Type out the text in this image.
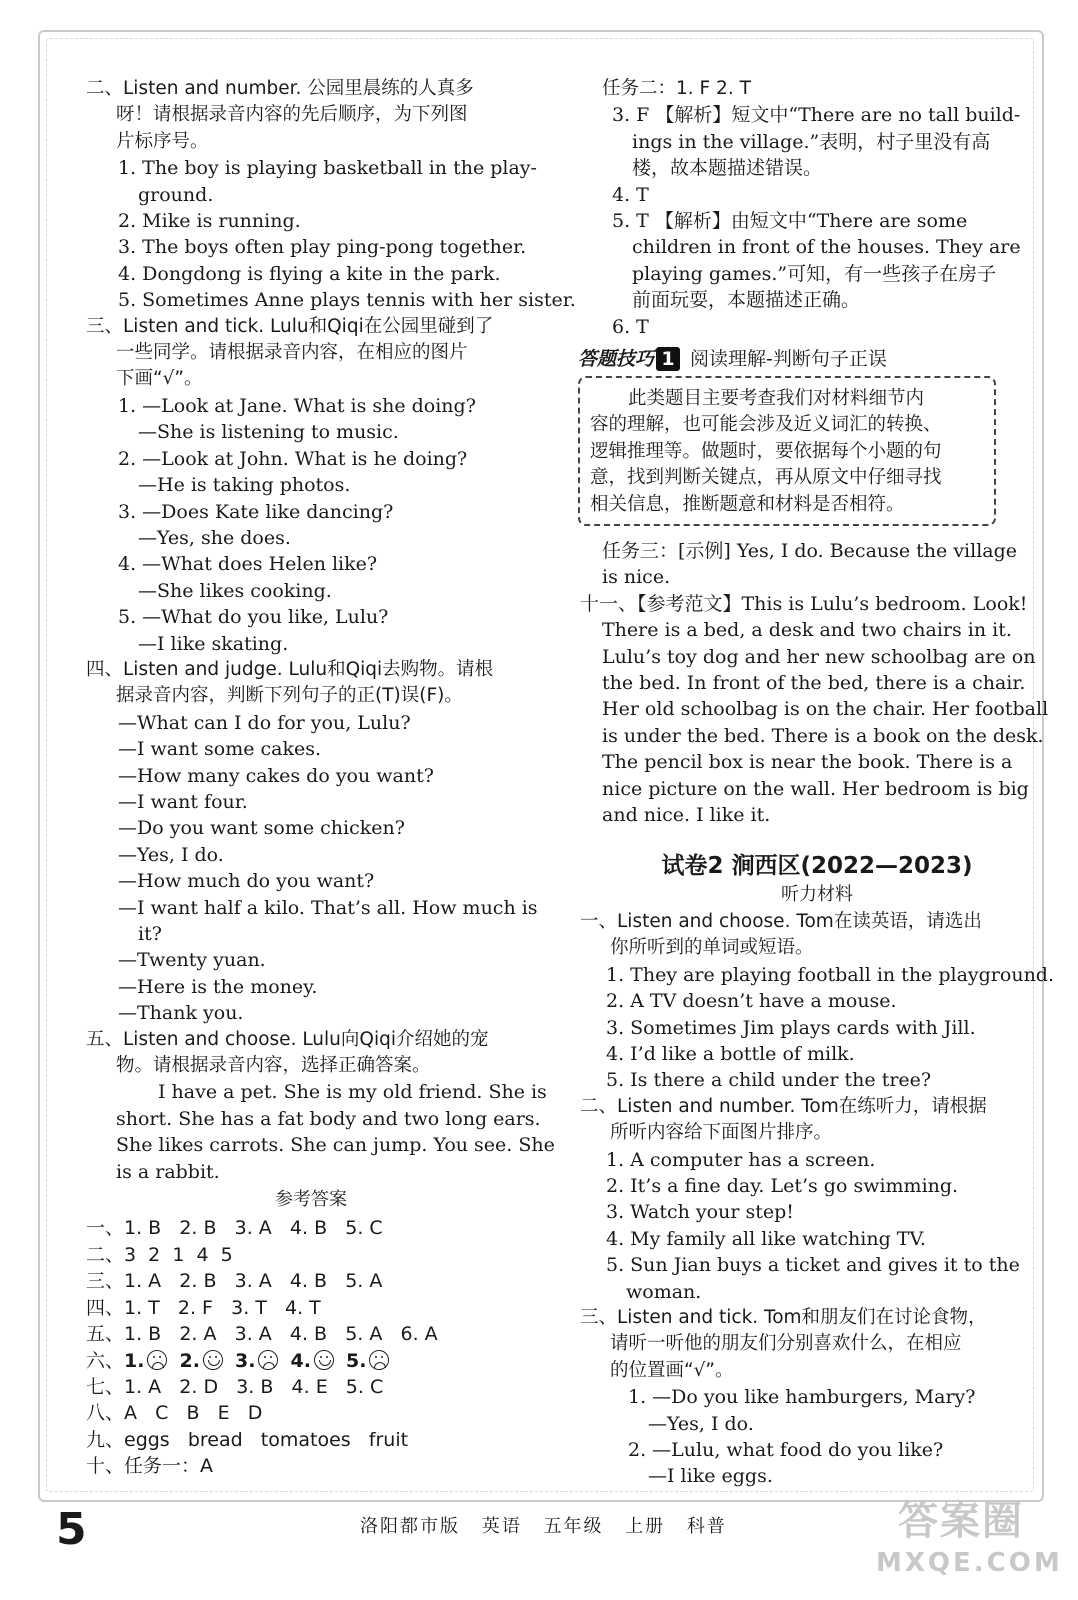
二、Listen and number. 公园里晨练的人真多
呀！请根据录音内容的先后顺序，为下列图
片标序号。
1. The boy is playing basketball in the play-
ground.
2. Mike is running.
3. The boys often play ping-pong together.
4. Dongdong is flying a kite in the park.
5. Sometimes Anne plays tennis with her sister.
三、Listen and tick. Lulu和Qiqi在公园里碰到了
一些同学。请根据录音内容，在相应的图片
下画“√”。
1. —Look at Jane. What is she doing?
—She is listening to music.
2. —Look at John. What is he doing?
—He is taking photos.
3. —Does Kate like dancing?
—Yes, she does.
4. —What does Helen like?
—She likes cooking.
5. —What do you like, Lulu?
—I like skating.
四、Listen and judge. Lulu和Qiqi去购物。请根
据录音内容，判断下列句子的正(T)误(F)。
—What can I do for you, Lulu?
—I want some cakes.
—How many cakes do you want?
—I want four.
—Do you want some chicken?
—Yes, I do.
—How much do you want?
—I want half a kilo. That’s all. How much is
it?
—Twenty yuan.
—Here is the money.
—Thank you.
五、Listen and choose. Lulu向Qiqi介绍她的宠
物。请根据录音内容，选择正确答案。
I have a pet. She is my old friend. She is
short. She has a fat body and two long ears.
She likes carrots. She can jump. You see. She
is a rabbit.
参考答案
一、1. B   2. B   3. A   4. B   5. C
二、3  2  1  4  5
三、1. A   2. B   3. A   4. B   5. A
四、1. T   2. F   3. T   4. T
五、1. B   2. A   3. A   4. B   5. A   6. A
六、1. 2. 3. 4. 5.
七、1. A   2. D   3. B   4. E   5. C
八、A   C   B   E   D
九、eggs   bread   tomatoes   fruit
十、任务一：A
任务二：1. F 2. T
3. F 【解析】短文中“There are no tall build-
ings in the village.”表明，村子里没有高
楼，故本题描述错误。
4. T
5. T 【解析】由短文中“There are some
children in front of the houses. They are
playing games.”可知，有一些孩子在房子
前面玩耍，本题描述正确。
6. T
答题技巧 1 阅读理解-判断句子正误
此类题目主要考查我们对材料细节内
容的理解，也可能会涉及近义词汇的转换、
逻辑推理等。做题时，要依据每个小题的句
意，找到判断关键点，再从原文中仔细寻找
相关信息，推断题意和材料是否相符。
任务三：[示例] Yes, I do. Because the village
is nice.
十一、【参考范文】This is Lulu’s bedroom. Look!
There is a bed, a desk and two chairs in it.
Lulu’s toy dog and her new schoolbag are on
the bed. In front of the bed, there is a chair.
Her old schoolbag is on the chair. Her football
is under the bed. There is a book on the desk.
The pencil box is near the book. There is a
nice picture on the wall. Her bedroom is big
and nice. I like it.
试卷2 涧西区(2022—2023)
听力材料
一、Listen and choose. Tom在读英语，请选出
你所听到的单词或短语。
1. They are playing football in the playground.
2. A TV doesn’t have a mouse.
3. Sometimes Jim plays cards with Jill.
4. I’d like a bottle of milk.
5. Is there a child under the tree?
二、Listen and number. Tom在练听力，请根据
所听内容给下面图片排序。
1. A computer has a screen.
2. It’s a fine day. Let’s go swimming.
3. Watch your step!
4. My family all like watching TV.
5. Sun Jian buys a ticket and gives it to the
woman.
三、Listen and tick. Tom和朋友们在讨论食物，
请听一听他的朋友们分别喜欢什么，在相应
的位置画“√”。
1. —Do you like hamburgers, Mary?
—Yes, I do.
2. —Lulu, what food do you like?
—I like eggs.
5	洛阳都市版 英语 五年级 上册 科普	答案圈
MXQE.COM
